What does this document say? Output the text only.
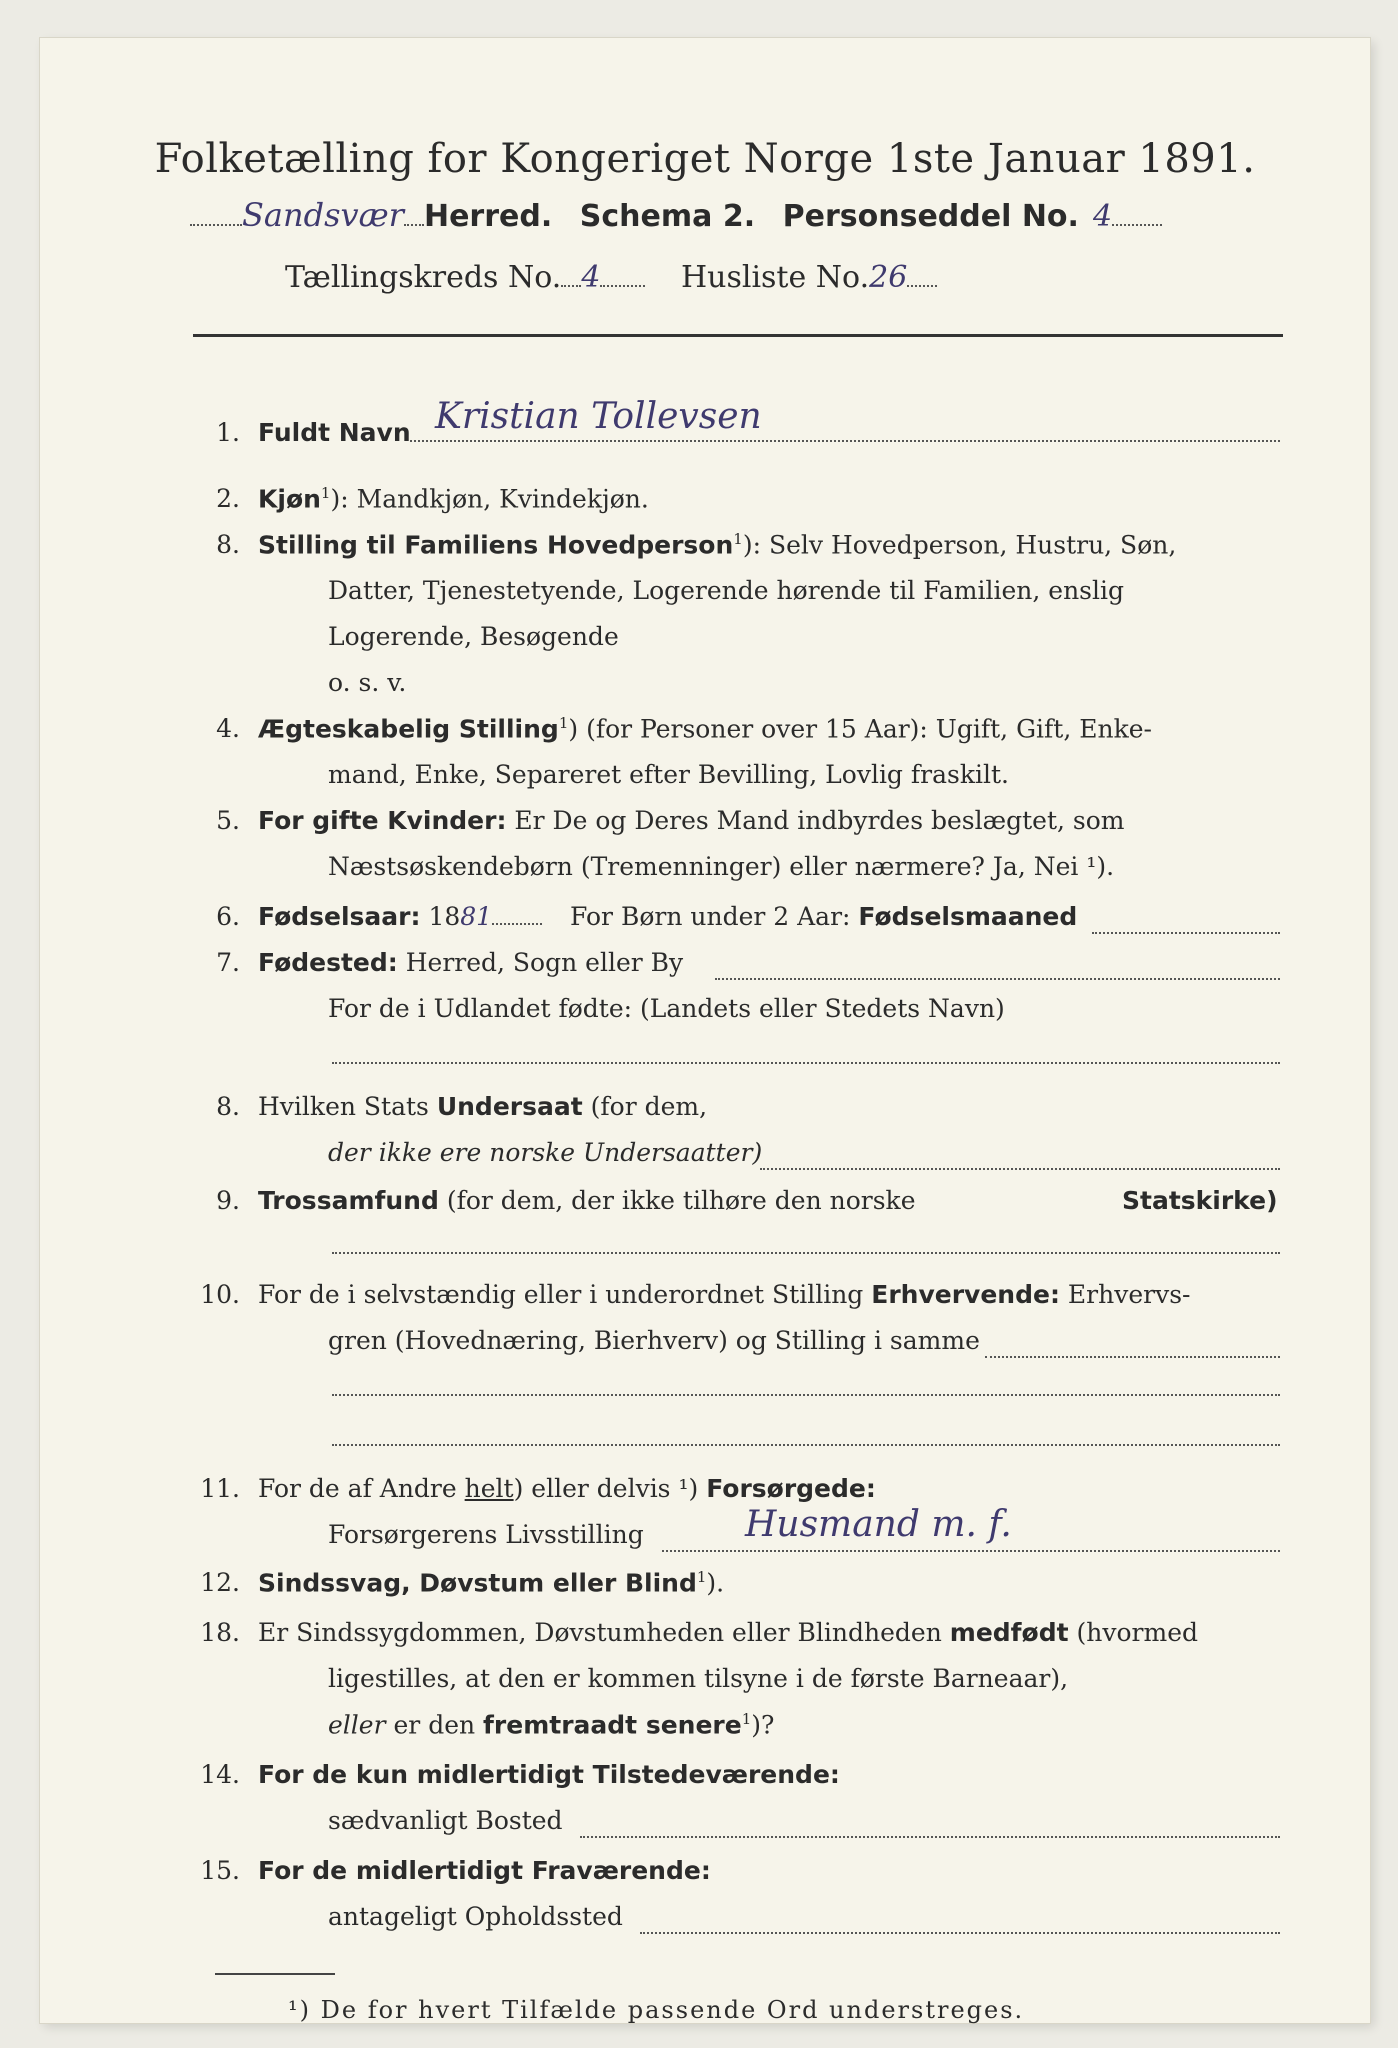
Folketælling for Kongeriget Norge 1ste Januar 1891.
Sandsvær Herred. Schema 2. Personseddel No. 4
Tællingskreds No. 4	Husliste No.26
1. Fuldt Navn Kristian Tollevsen
2. Kjøn$^1$): Mandkjøn, Kvindekjøn.
8. Stilling til Familiens Hovedperson$^1$): Selv Hovedperson, Hustru, Søn,
Datter, Tjenestetyende, Logerende hørende til Familien, enslig
Logerende, Besøgende
o. s. v.
4. Ægteskabelig Stilling$^1$) (for Personer over 15 Aar): Ugift, Gift, Enke-
mand, Enke, Separeret efter Bevilling, Lovlig fraskilt.
5. For gifte Kvinder: Er De og Deres Mand indbyrdes beslægtet, som
Næstsøskendebørn (Tremenninger) eller nærmere? Ja, Nei ¹).
6. Fødselsaar: 1881	For Børn under 2 Aar: Fødselsmaaned
7. Fødested: Herred, Sogn eller By
For de i Udlandet fødte: (Landets eller Stedets Navn)
8. Hvilken Stats Undersaat (for dem,
der ikke ere norske Undersaatter)
9. Trossamfund (for dem, der ikke tilhøre den norske	Statskirke)
10. For de i selvstændig eller i underordnet Stilling Erhvervende: Erhvervs-
gren (Hovednæring, Bierhverv) og Stilling i samme
11. For de af Andre helt) eller delvis ¹) Forsørgede:
Forsørgerens Livsstilling	Husmand m. f.
12. Sindssvag, Døvstum eller Blind$^1$).
18. Er Sindssygdommen, Døvstumheden eller Blindheden medfødt (hvormed
ligestilles, at den er kommen tilsyne i de første Barneaar),
eller er den fremtraadt senere$^1$)?
14. For de kun midlertidigt Tilstedeværende:
sædvanligt Bosted
15. For de midlertidigt Fraværende:
antageligt Opholdssted
¹) De for hvert Tilfælde passende Ord understreges.
